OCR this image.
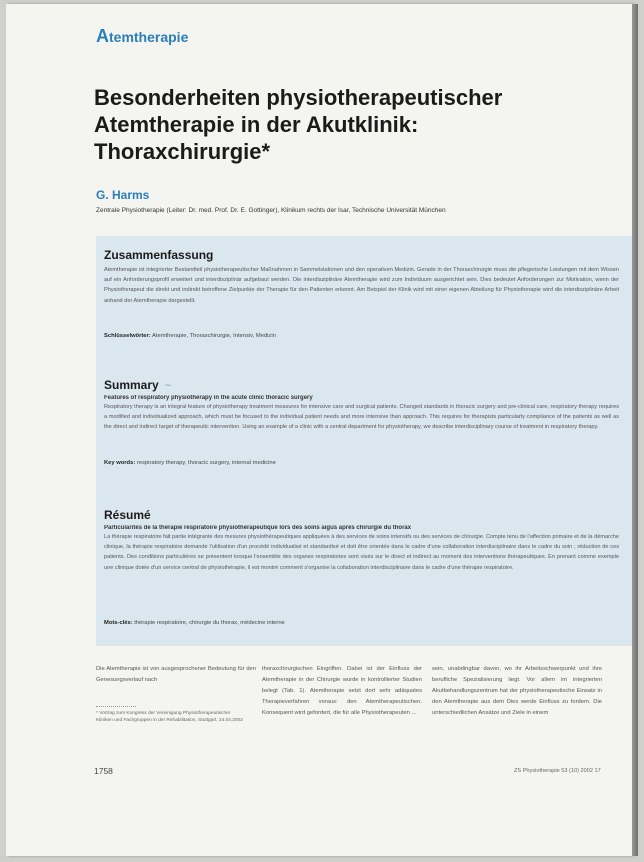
Atemtherapie
Besonderheiten physiotherapeutischer
Atemtherapie in der Akutklinik:
Thoraxchirurgie*
G. Harms
Zentrale Physiotherapie (Leiter: Dr. med. Prof. Dr. E. Gottinger), Klinikum rechts der Isar, Technische Universität München
Zusammenfassung

Atemtherapie ist integrierter Bestandteil physiotherapeutischer Maßnahmen in Sammelstationen und den operativen Medizin. Gerade in der Thoraxchirurgie muss die pflegerische Leistungen mit dem Wissen auf ein Anforderungsprofil erweitert und interdisziplinär aufgebaut werden. Die interdisziplinäre Atemtherapie wird zum Individuum ausgerichtet sein. Dies bedeutet Anforderungen zur Motivation, wenn der Physiotherapeut die direkt und indirekt betroffene Zielpunkte der Therapie für den Patienten erkennt. Am Beispiel der Klinik wird mit einer eigenen Abteilung für Physiotherapie wird die interdisziplinäre Arbeit anhand der Atemtherapie dargestellt.

Schlüsselwörter: Atemtherapie, Thoraxchirurgie, Intensiv, Medizin

Summary ~
Features of respiratory physiotherapy in the acute clinic thoracic surgery

Respiratory therapy is an integral feature of physiotherapy treatment measures for intensive care and surgical patients. Changed standards in thoracic surgery and pre-clinical care, respiratory therapy requires a modified and individualized approach, which must be focused to the individual patient needs and more intensive than approach. This requires for therapists particularly compliance of the patients as well as the direct and indirect target of therapeutic intervention. Using an example of a clinic with a central department for physiotherapy, we describe interdisciplinary course of treatment in respiratory therapy.

Key words: respiratory therapy, thoracic surgery, internal medicine

Résumé
Particularités de la thérapie respiratoire physiothérapeutique lors des soins aigus après chirurgie du thorax

La thérapie respiratoire fait partie intégrante des mesures physiothérapeutiques appliquées à des services de soins intensifs ou des services de chirurgie. Compte tenu de l'affection primaire et de la démarche clinique, la thérapie respiratoire demande l'utilisation d'un procédé individualisé et standardisé et doit être orientée dans le cadre d'une collaboration interdisciplinaire dans le cadre du soin ; réduction de ces patients. Des conditions particulières se présentent lorsque l'ensemble des organes respiratoires sont visés sur le direct et indirect au moment des interventions thérapeutiques. En prenant comme exemple une clinique dotée d'un service central de physiothérapie, il est montré comment s'organise la collaboration interdisciplinaire dans le cadre d'une thérapie respiratoire.

Mots-clés: thérapie respiratoire, chirurgie du thorax, médecine interne

Die Atemtherapie ist von ausgesprochener Bedeutung für den Genesungsverlauf nach
thoraxchirurgischen Eingriffen. Dabei ist der Einfluss der Atemtherapie in der Chirurgie wurde in kontrollierter Studien belegt (Tab. 1). Atemtherapie setzt dort sehr adäquates Therapieverfahren voraus: den Atemtherapeutischen. Konsequent wird gefordert, die für alle Physiotherapeuten ...
sein, unabdingbar davon, wo ihr Arbeitsschwerpunkt und ihre berufliche Spezialisierung liegt. Vor allem im integrierten Akutbehandlungszentrum hat der physiotherapeutische Einsatz in den Atemtherapie aus dem Dies werde Einfluss zu fordern. Die unterschiedlichen Ansätze und Ziele in einem
* Vortrag zum Kongress der Vereinigung Physiotherapeutischer Kliniken und Fachgruppen in der Rehabilitation, Stuttgart, 24.04.2002
1758	ZS Physiotherapie 53 (10) 2002 17
